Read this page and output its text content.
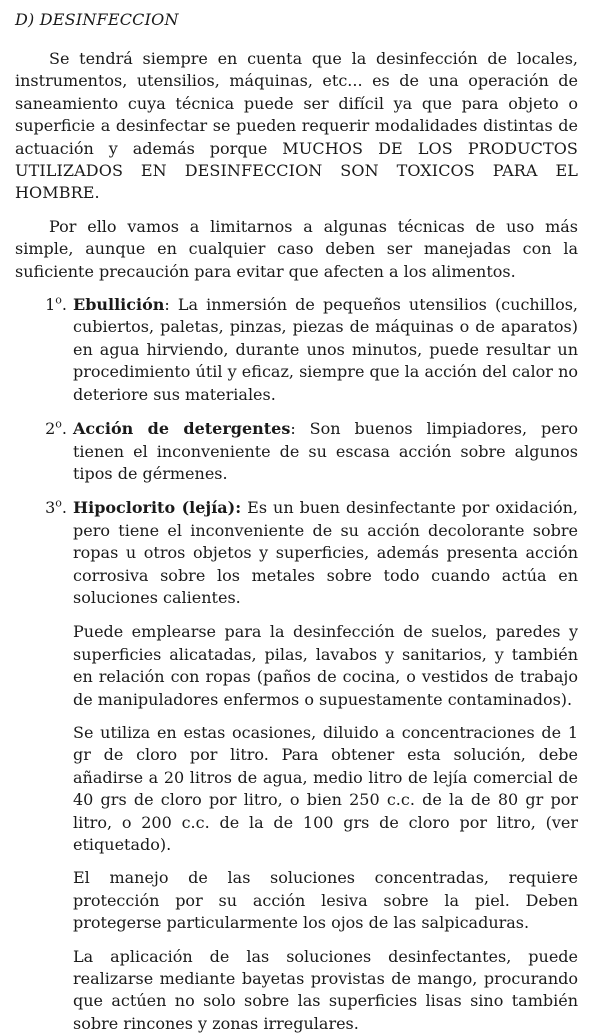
D) DESINFECCION

Se tendrá siempre en cuenta que la desinfección de locales, instrumentos, utensilios, máquinas, etc... es de una operación de saneamiento cuya técnica puede ser difícil ya que para objeto o superficie a desinfectar se pueden requerir modalidades distintas de actuación y además porque MUCHOS DE LOS PRODUCTOS UTILIZADOS EN DESINFECCION SON TOXICOS PARA EL HOMBRE.

Por ello vamos a limitarnos a algunas técnicas de uso más simple, aunque en cualquier caso deben ser manejadas con la suficiente precaución para evitar que afecten a los alimentos.

1$^o$. Ebullición: La inmersión de pequeños utensilios (cuchillos, cubiertos, paletas, pinzas, piezas de máquinas o de aparatos) en agua hirviendo, durante unos minutos, puede resultar un procedimiento útil y eficaz, siempre que la acción del calor no deteriore sus materiales.
2$^o$. Acción de detergentes: Son buenos limpiadores, pero tienen el inconveniente de su escasa acción sobre algunos tipos de gérmenes.
3$^o$. Hipoclorito (lejía): Es un buen desinfectante por oxidación, pero tiene el inconveniente de su acción decolorante sobre ropas u otros objetos y superficies, además presenta acción corrosiva sobre los metales sobre todo cuando actúa en soluciones calientes.

Puede emplearse para la desinfección de suelos, paredes y superficies alicatadas, pilas, lavabos y sanitarios, y también en relación con ropas (paños de cocina, o vestidos de trabajo de manipuladores enfermos o supuestamente contaminados).

Se utiliza en estas ocasiones, diluido a concentraciones de 1 gr de cloro por litro. Para obtener esta solución, debe añadirse a 20 litros de agua, medio litro de lejía comercial de 40 grs de cloro por litro, o bien 250 c.c. de la de 80 gr por litro, o 200 c.c. de la de 100 grs de cloro por litro, (ver etiquetado).

El manejo de las soluciones concentradas, requiere protección por su acción lesiva sobre la piel. Deben protegerse particularmente los ojos de las salpicaduras.

La aplicación de las soluciones desinfectantes, puede realizarse mediante bayetas provistas de mango, procurando que actúen no solo sobre las superficies lisas sino también sobre rincones y zonas irregulares.
